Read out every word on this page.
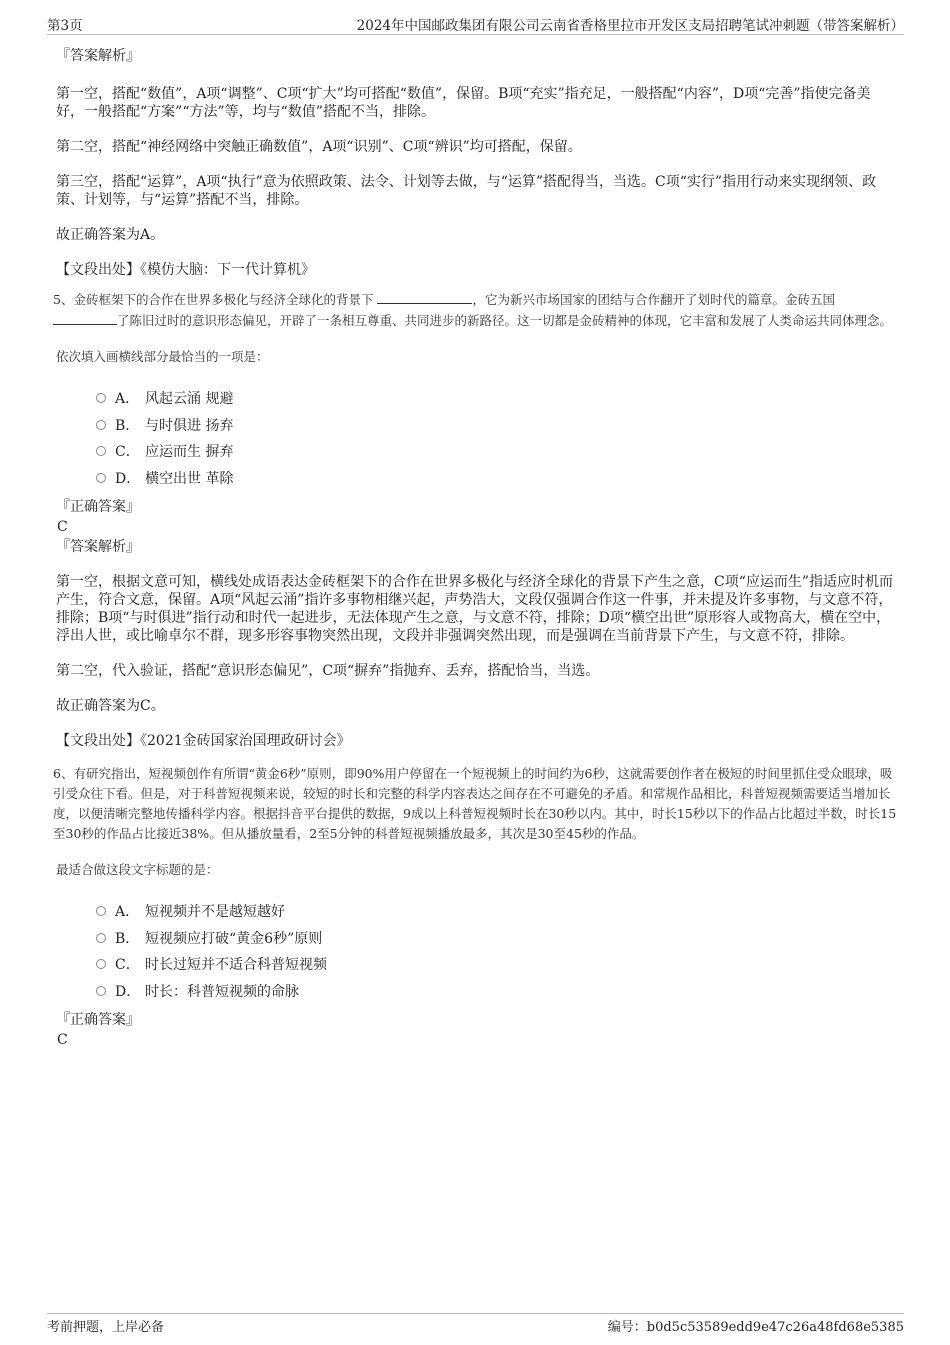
第3页	2024年中国邮政集团有限公司云南省香格里拉市开发区支局招聘笔试冲刺题（带答案解析）

『答案解析』

第一空，搭配“数值”，A项“调整”、C项“扩大”均可搭配“数值”，保留。B项“充实”指充足，一般搭配“内容”，D项“完善”指使完备美好，一般搭配“方案”“方法”等，均与“数值”搭配不当，排除。

第二空，搭配“神经网络中突触正确数值”，A项“识别”、C项“辨识”均可搭配，保留。

第三空，搭配“运算”，A项“执行”意为依照政策、法令、计划等去做，与“运算”搭配得当，当选。C项“实行”指用行动来实现纲领、政策、计划等，与“运算”搭配不当，排除。

故正确答案为A。

【文段出处】《模仿大脑：下一代计算机》

5、金砖框架下的合作在世界多极化与经济全球化的背景下	，它为新兴市场国家的团结与合作翻开了划时代的篇章。金砖五国
了陈旧过时的意识形态偏见，开辟了一条相互尊重、共同进步的新路径。这一切都是金砖精神的体现，它丰富和发展了人类命运共同体理念。

依次填入画横线部分最恰当的一项是：

A． 风起云涌 规避
B． 与时俱进 扬弃
C． 应运而生 摒弃
D． 横空出世 革除

『正确答案』

C

『答案解析』

第一空，根据文意可知，横线处成语表达金砖框架下的合作在世界多极化与经济全球化的背景下产生之意，C项“应运而生”指适应时机而产生，符合文意，保留。A项“风起云涌”指许多事物相继兴起，声势浩大，文段仅强调合作这一件事，并未提及许多事物，与文意不符，排除；B项“与时俱进”指行动和时代一起进步，无法体现产生之意，与文意不符，排除；D项“横空出世”原形容人或物高大，横在空中，浮出人世，或比喻卓尔不群，现多形容事物突然出现，文段并非强调突然出现，而是强调在当前背景下产生，与文意不符，排除。

第二空，代入验证，搭配“意识形态偏见”，C项“摒弃”指抛弃、丢弃，搭配恰当，当选。

故正确答案为C。

【文段出处】《2021金砖国家治国理政研讨会》

6、有研究指出，短视频创作有所谓“黄金6秒”原则，即90%用户停留在一个短视频上的时间约为6秒，这就需要创作者在极短的时间里抓住受众眼球，吸引受众往下看。但是，对于科普短视频来说，较短的时长和完整的科学内容表达之间存在不可避免的矛盾。和常规作品相比，科普短视频需要适当增加长度，以便清晰完整地传播科学内容。根据抖音平台提供的数据，9成以上科普短视频时长在30秒以内。其中，时长15秒以下的作品占比超过半数，时长15至30秒的作品占比接近38%。但从播放量看，2至5分钟的科普短视频播放最多，其次是30至45秒的作品。

最适合做这段文字标题的是：

A． 短视频并不是越短越好
B． 短视频应打破“黄金6秒”原则
C． 时长过短并不适合科普短视频
D． 时长：科普短视频的命脉

『正确答案』

C

考前押题，上岸必备	编号：b0d5c53589edd9e47c26a48fd68e5385
